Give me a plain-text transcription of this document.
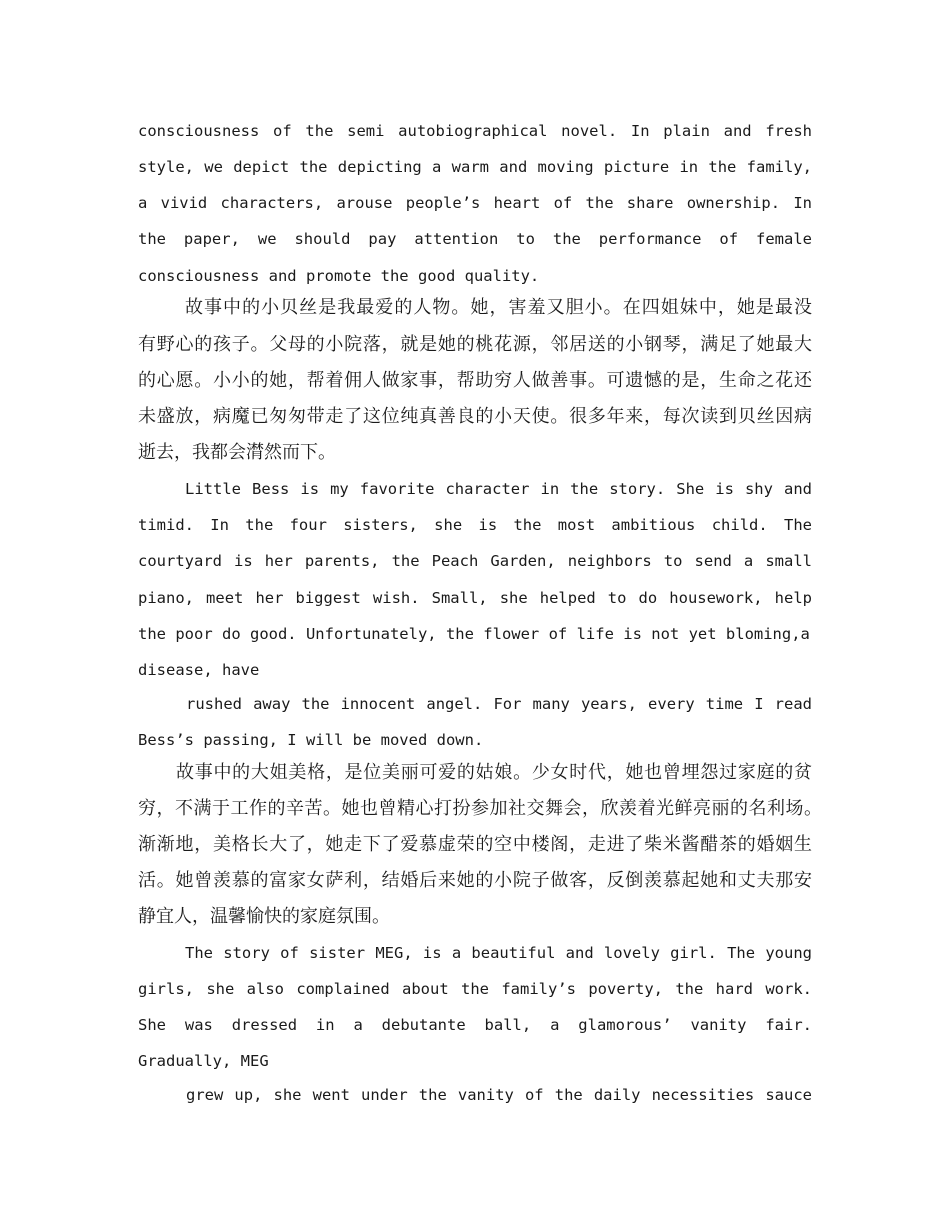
consciousness of the semi autobiographical novel. In plain and fresh

style, we depict the depicting a warm and moving picture in the family,

a vivid characters, arouse people’s heart of the share ownership. In

the paper, we should pay attention to the performance of female

consciousness and promote the good quality.

故事中的小贝丝是我最爱的人物。她，害羞又胆小。在四姐妹中，她是最没

有野心的孩子。父母的小院落，就是她的桃花源，邻居送的小钢琴，满足了她最大

的心愿。小小的她，帮着佣人做家事，帮助穷人做善事。可遗憾的是，生命之花还

未盛放，病魔已匆匆带走了这位纯真善良的小天使。很多年来，每次读到贝丝因病

逝去，我都会潸然而下。

Little Bess is my favorite character in the story. She is shy and

timid. In the four sisters, she is the most ambitious child. The

courtyard is her parents, the Peach Garden, neighbors to send a small

piano, meet her biggest wish. Small, she helped to do housework, help

the poor do good. Unfortunately, the flower of life is not yet bloming,a

disease, have

rushed away the innocent angel. For many years, every time I read

Bess’s passing, I will be moved down.

故事中的大姐美格，是位美丽可爱的姑娘。少女时代，她也曾埋怨过家庭的贫

穷，不满于工作的辛苦。她也曾精心打扮参加社交舞会，欣羡着光鲜亮丽的名利场。

渐渐地，美格长大了，她走下了爱慕虚荣的空中楼阁，走进了柴米酱醋茶的婚姻生

活。她曾羡慕的富家女萨利，结婚后来她的小院子做客，反倒羡慕起她和丈夫那安

静宜人，温馨愉快的家庭氛围。

The story of sister MEG, is a beautiful and lovely girl. The young

girls, she also complained about the family’s poverty, the hard work.

She was dressed in a debutante ball, a glamorous’ vanity fair.

Gradually, MEG

grew up, she went under the vanity of the daily necessities sauce
